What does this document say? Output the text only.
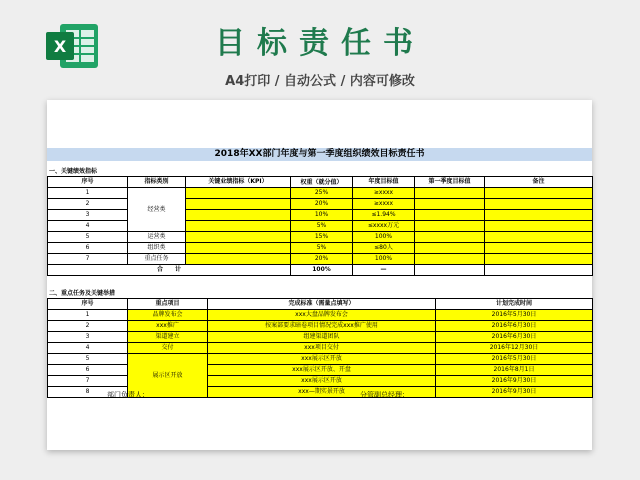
X	目标责任书
A4打印 / 自动公式 / 内容可修改
2018年XX部门年度与第一季度组织绩效目标责任书
一、关键绩效指标
序号	指标类别	关键业绩指标（KPI）	权重（就分值）	年度目标值	第一季度目标值	备注
1	经营类		25%	≥xxxx		
2			20%	≥xxxx		
3			10%	≤1.94%		
4			5%	≤xxxx万元		
5	运营类		15%	100%		
6	组织类		5%	≤80人		
7	重点任务		20%	100%		
合　　计			100%	—		
二、重点任务及关键举措
序号	重点项目	完成标准（需量点填写）	计划完成时间
1	品牌发布会	xxx大盘品牌发布会	2016年5月30日
2	xxx推广	按案部要求暗卷项目情况完成xxx推广使用	2016年6月30日
3	渠道建立	组建渠道团队	2016年6月30日
4	交付	xxx项目交付	2016年12月30日
5	展示区开放	xxx展示区开放	2016年5月30日
6		xxx展示区开放、开盘	2016年8月1日
7		xxx展示区开放	2016年9月30日
8		xxx—期实景开放	2016年9月30日
部门负责人：	分管副总经理：
